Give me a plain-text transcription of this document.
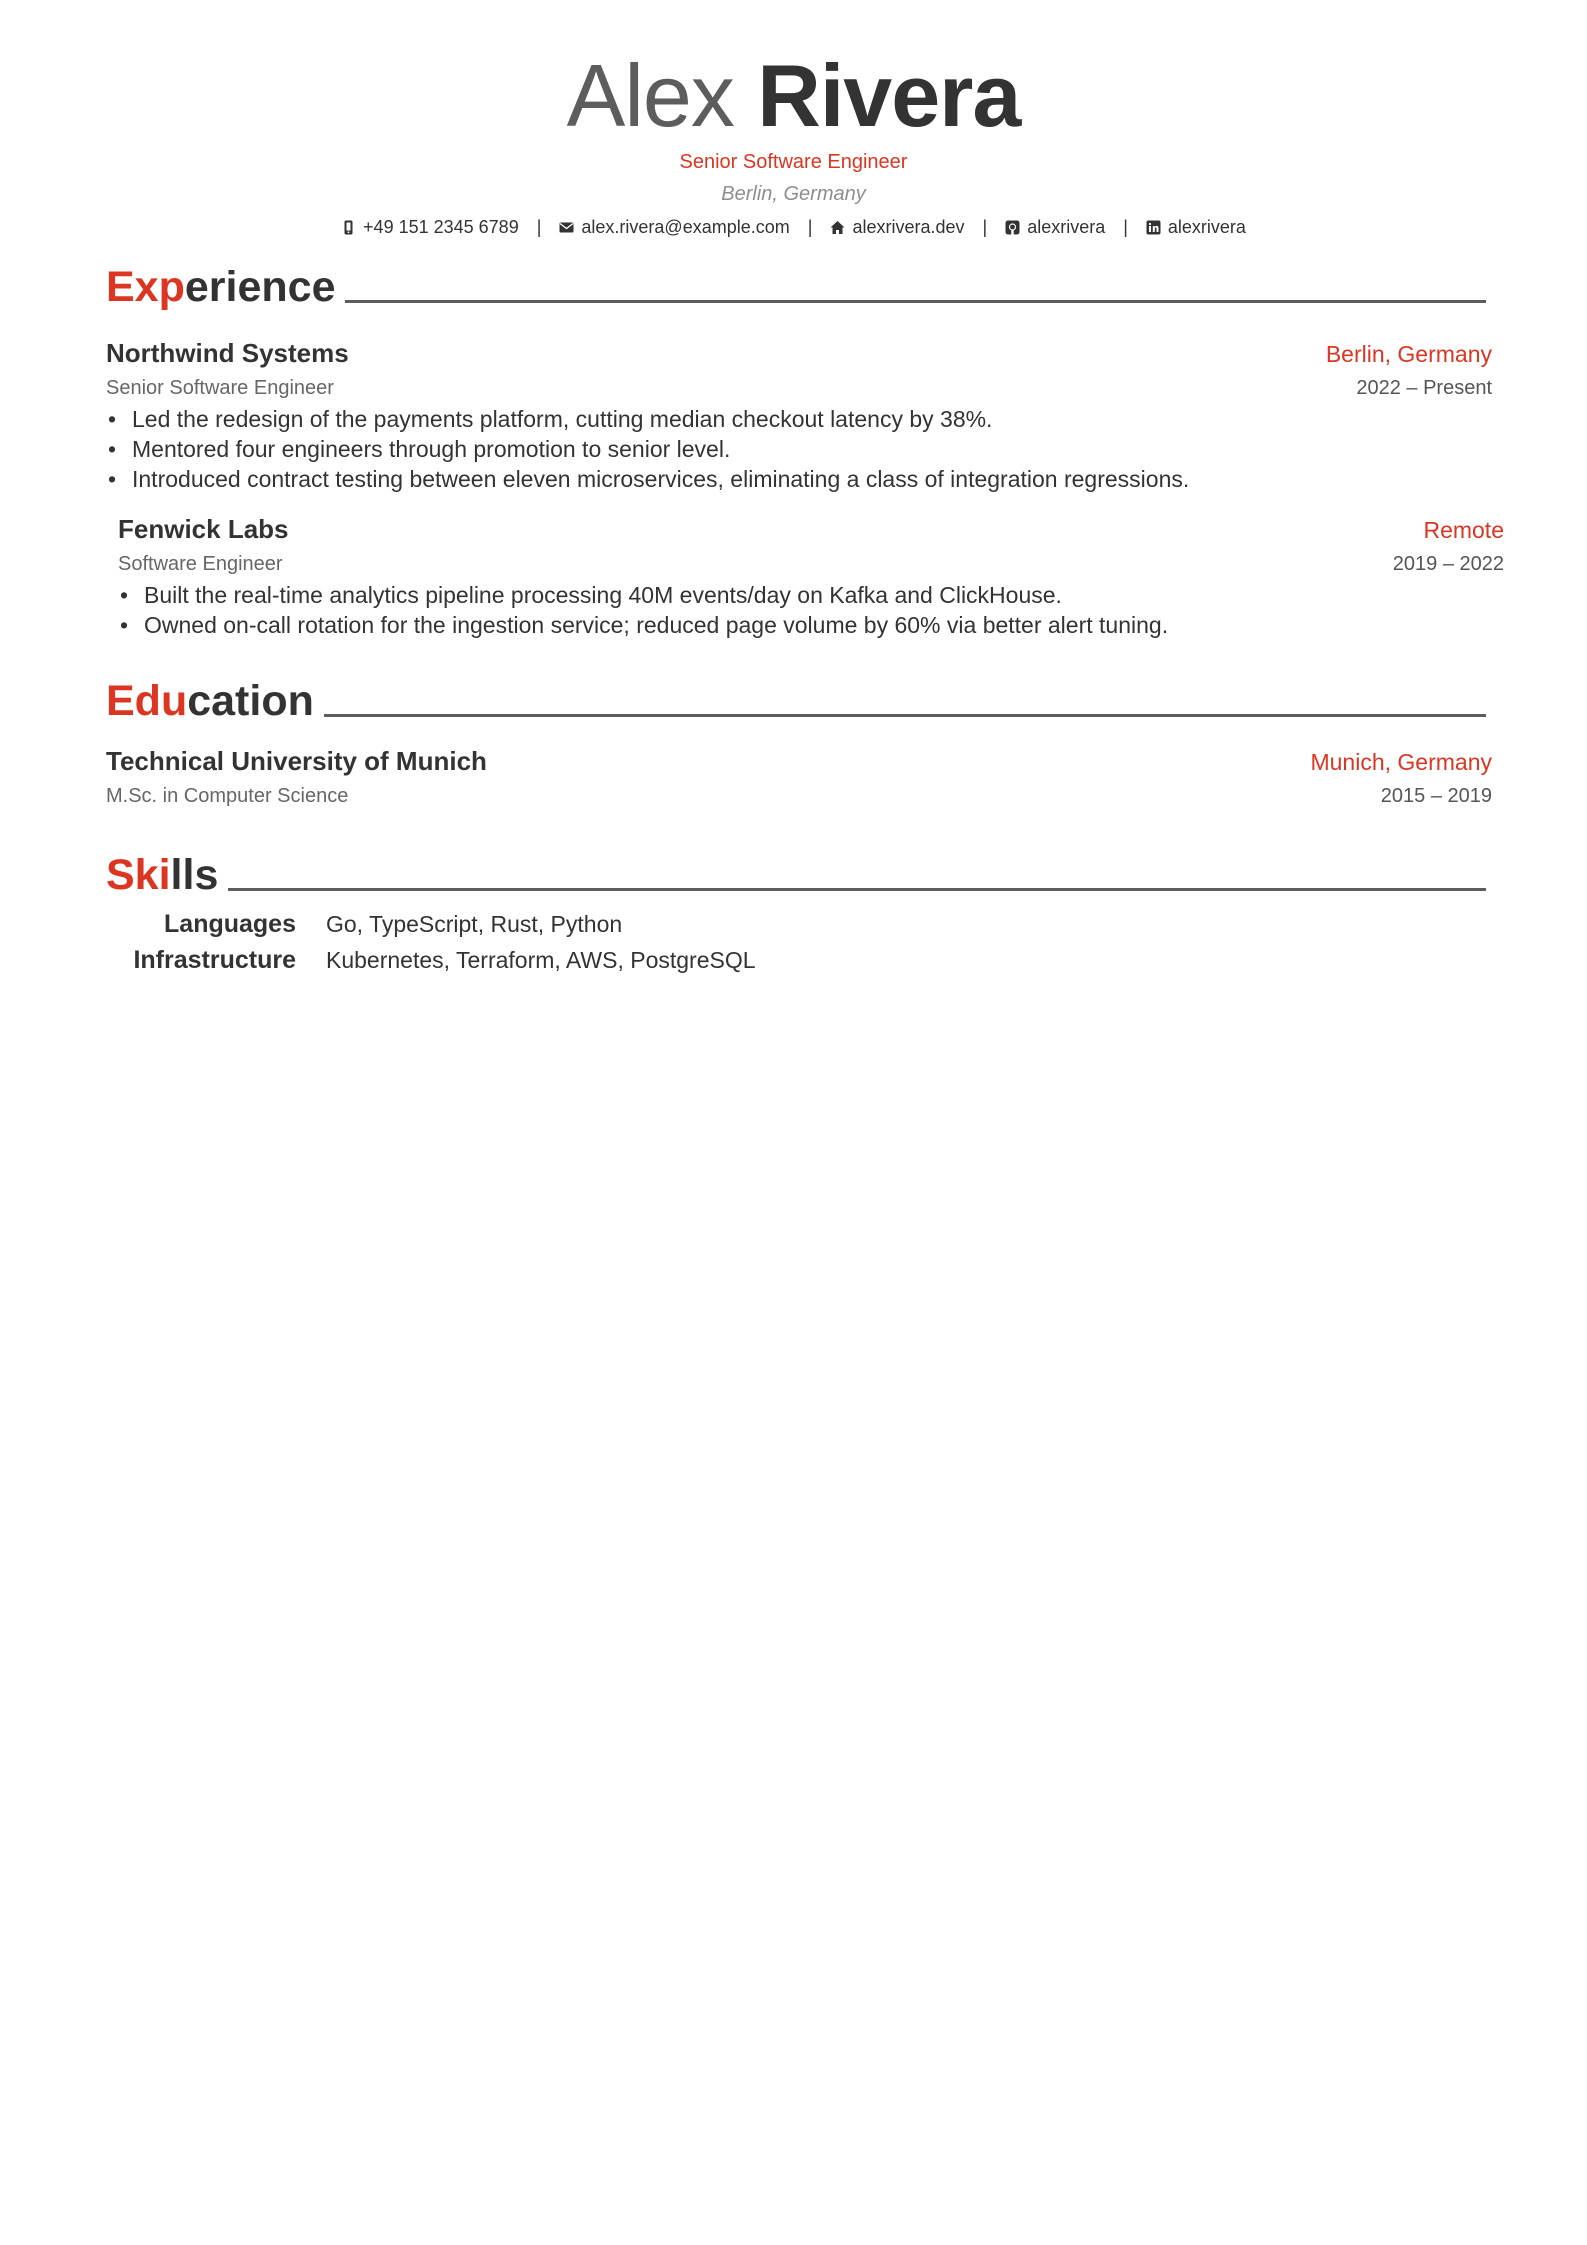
Alex Rivera
Senior Software Engineer
Berlin, Germany
+49 151 2345 6789 | alex.rivera@example.com | alexrivera.dev | alexrivera | alexrivera
Experience
Northwind Systems	Berlin, Germany
Senior Software Engineer	2022 – Present
• Led the redesign of the payments platform, cutting median checkout latency by 38%.
• Mentored four engineers through promotion to senior level.
• Introduced contract testing between eleven microservices, eliminating a class of integration regressions.
Fenwick Labs	Remote
Software Engineer	2019 – 2022
• Built the real-time analytics pipeline processing 40M events/day on Kafka and ClickHouse.
• Owned on-call rotation for the ingestion service; reduced page volume by 60% via better alert tuning.
Education
Technical University of Munich	Munich, Germany
M.Sc. in Computer Science	2015 – 2019
Skills
Languages Go, TypeScript, Rust, Python
Infrastructure Kubernetes, Terraform, AWS, PostgreSQL
